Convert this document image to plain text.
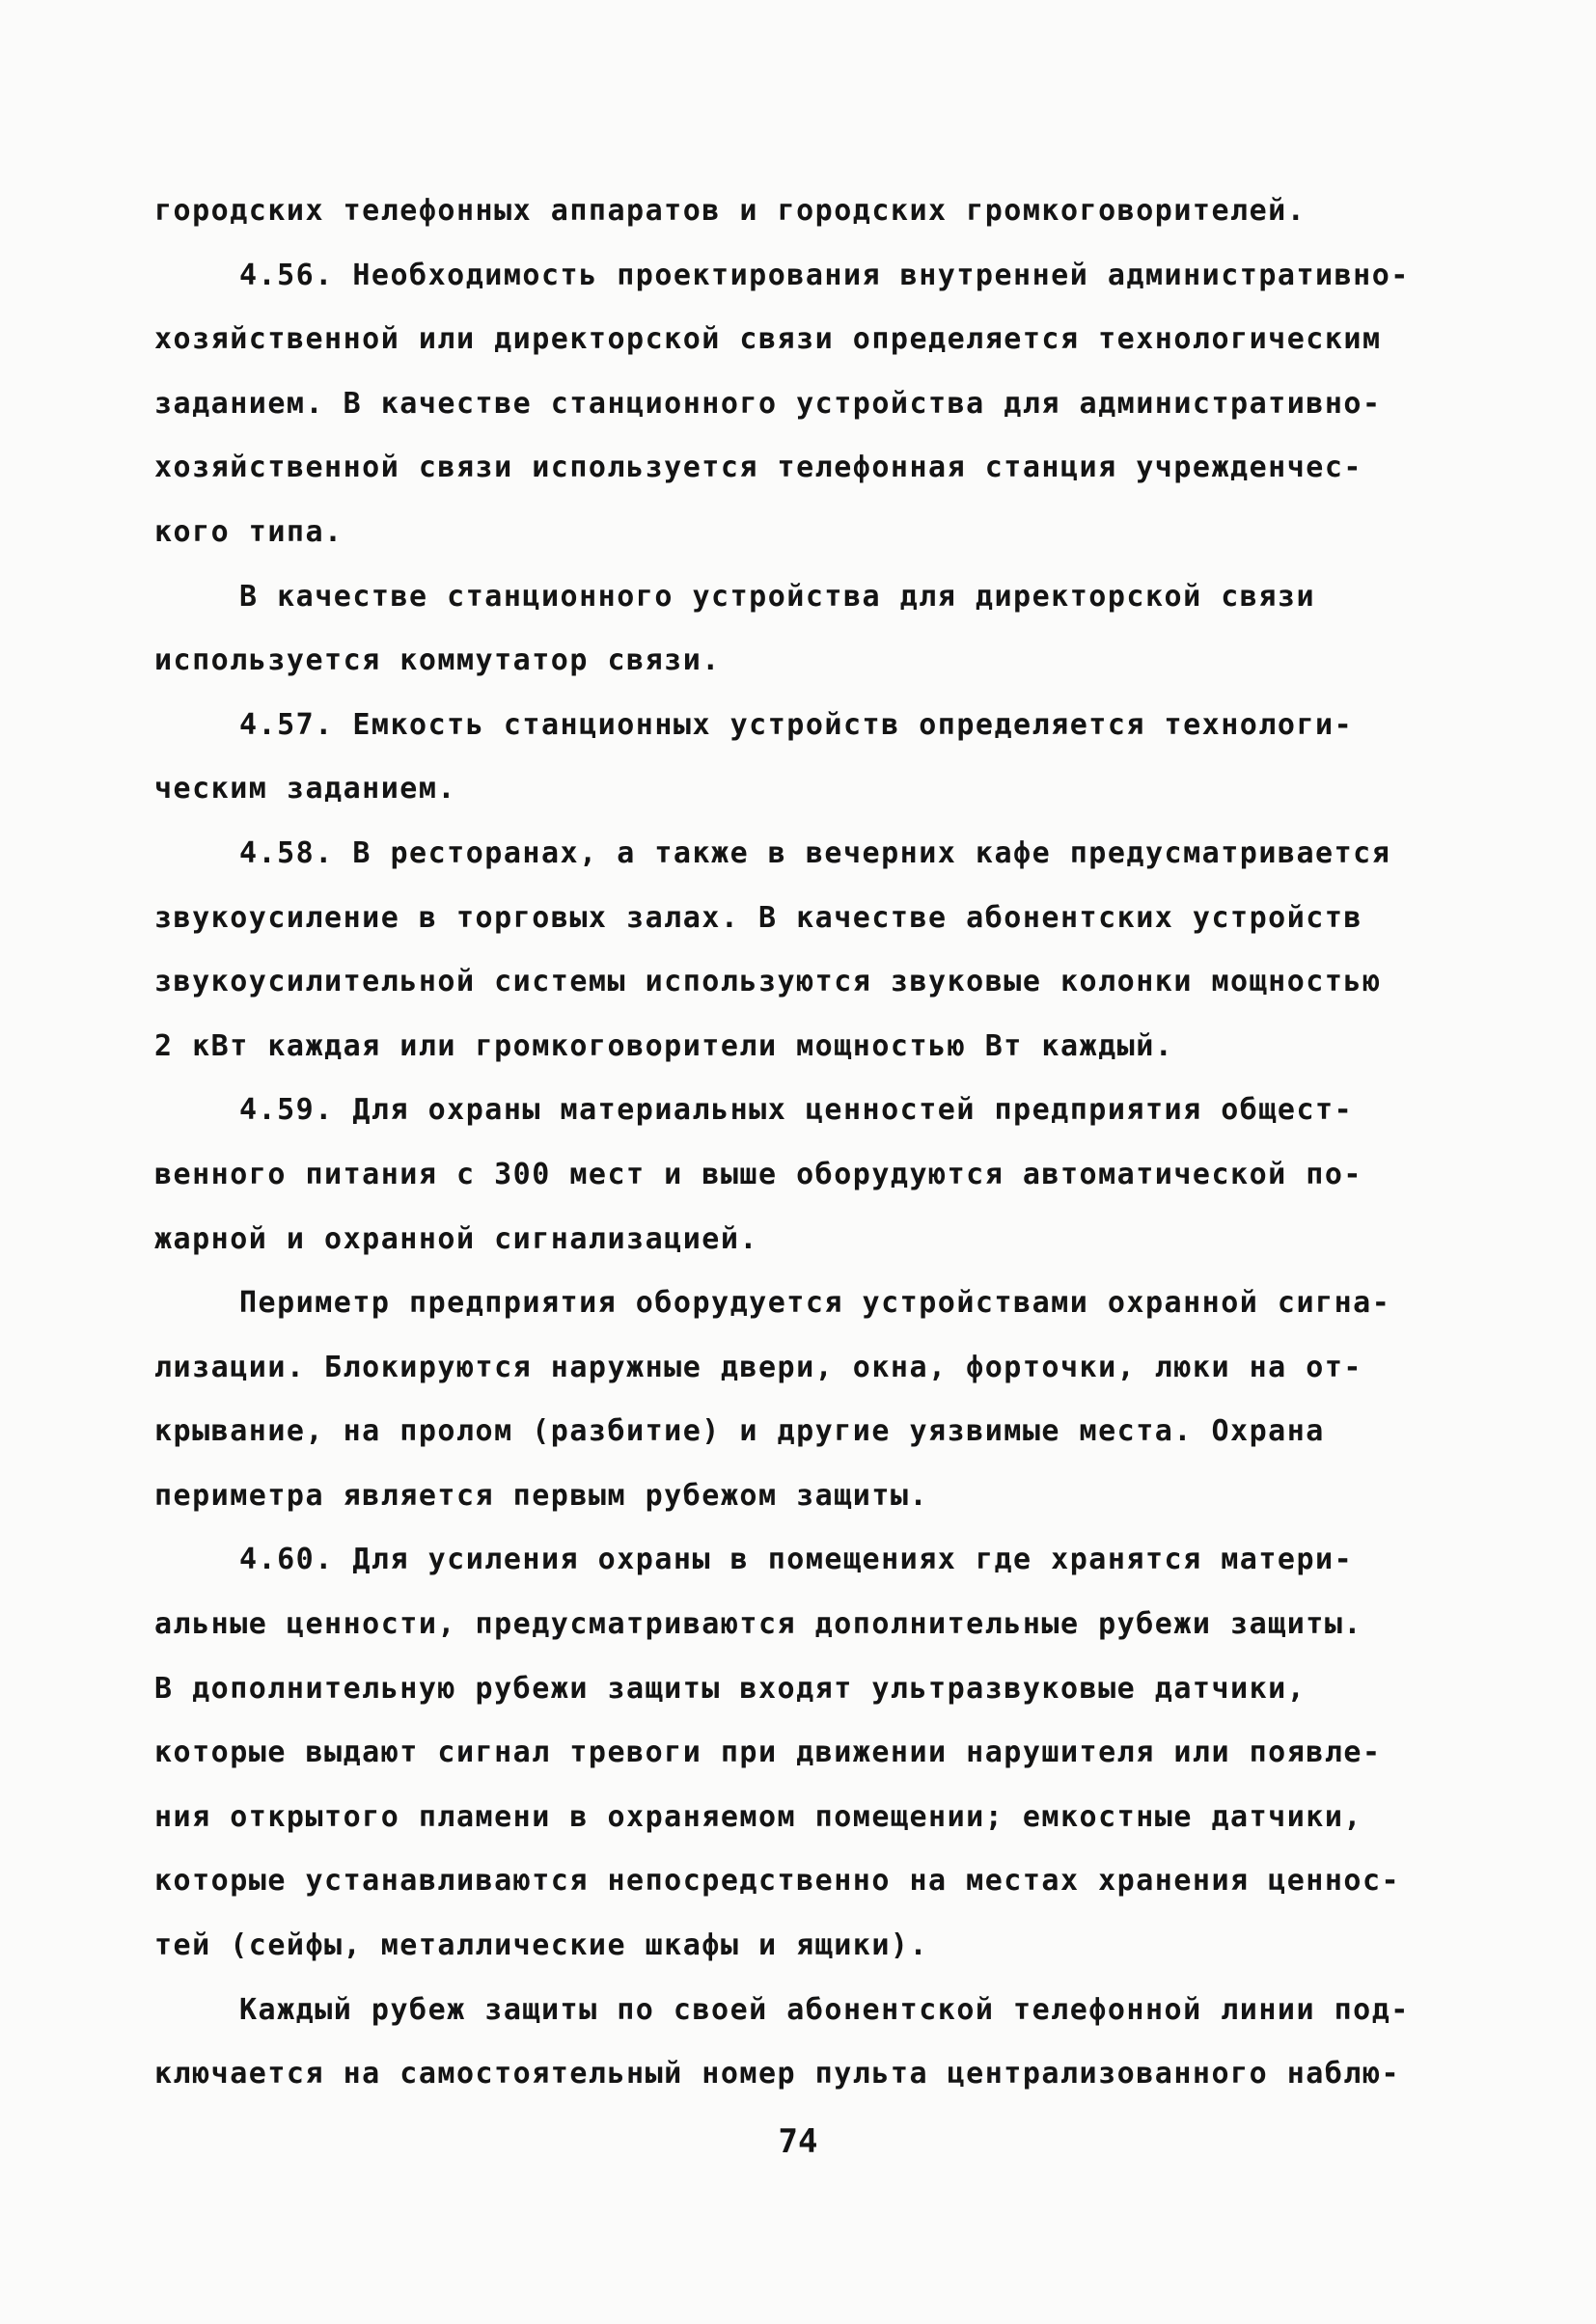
городских телефонных аппаратов и городских громкоговорителей.
4.56. Необходимость проектирования внутренней административно-
хозяйственной или директорской связи определяется технологическим
заданием. В качестве станционного устройства для административно-
хозяйственной связи используется телефонная станция учрежденчес-
кого типа.
В качестве станционного устройства для директорской связи
используется коммутатор связи.
4.57. Емкость станционных устройств определяется технологи-
ческим заданием.
4.58. В ресторанах, а также в вечерних кафе предусматривается
звукоусиление в торговых залах. В качестве абонентских устройств
звукоусилительной системы используются звуковые колонки мощностью
2 кВт каждая или громкоговорители мощностью Вт каждый.
4.59. Для охраны материальных ценностей предприятия общест-
венного питания с 300 мест и выше оборудуются автоматической по-
жарной и охранной сигнализацией.
Периметр предприятия оборудуется устройствами охранной сигна-
лизации. Блокируются наружные двери, окна, форточки, люки на от-
крывание, на пролом (разбитие) и другие уязвимые места. Охрана
периметра является первым рубежом защиты.
4.60. Для усиления охраны в помещениях где хранятся матери-
альные ценности, предусматриваются дополнительные рубежи защиты.
В дополнительную рубежи защиты входят ультразвуковые датчики,
которые выдают сигнал тревоги при движении нарушителя или появле-
ния открытого пламени в охраняемом помещении; емкостные датчики,
которые устанавливаются непосредственно на местах хранения ценнос-
тей (сейфы, металлические шкафы и ящики).
Каждый рубеж защиты по своей абонентской телефонной линии под-
ключается на самостоятельный номер пульта централизованного наблю-
74
